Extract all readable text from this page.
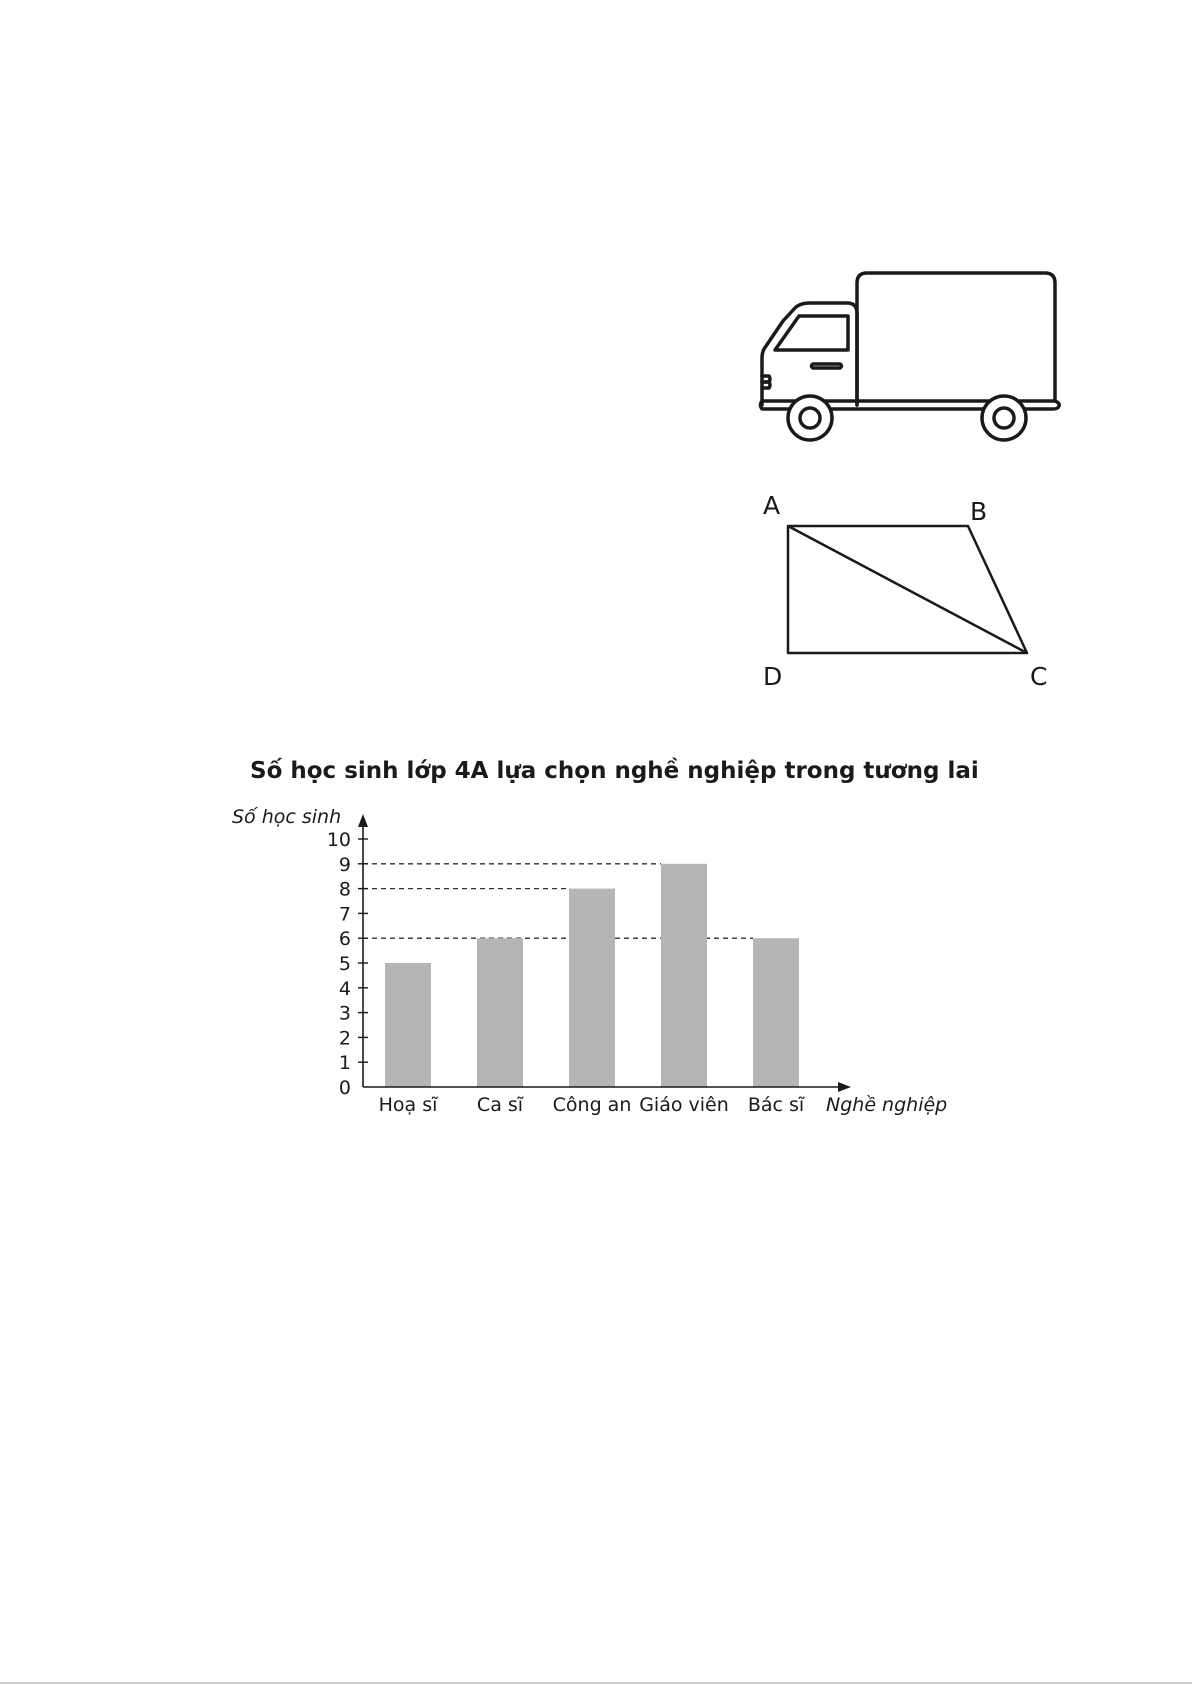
A	B
C
D
Số học sinh lớp 4A lựa chọn nghề nghiệp trong tương lai
0
1
2
3
4
5
6
7
8
9
10
Hoạ sĩ Ca sĩ Công an Giáo viên Bác sĩ
Số học sinh
Nghề nghiệp
